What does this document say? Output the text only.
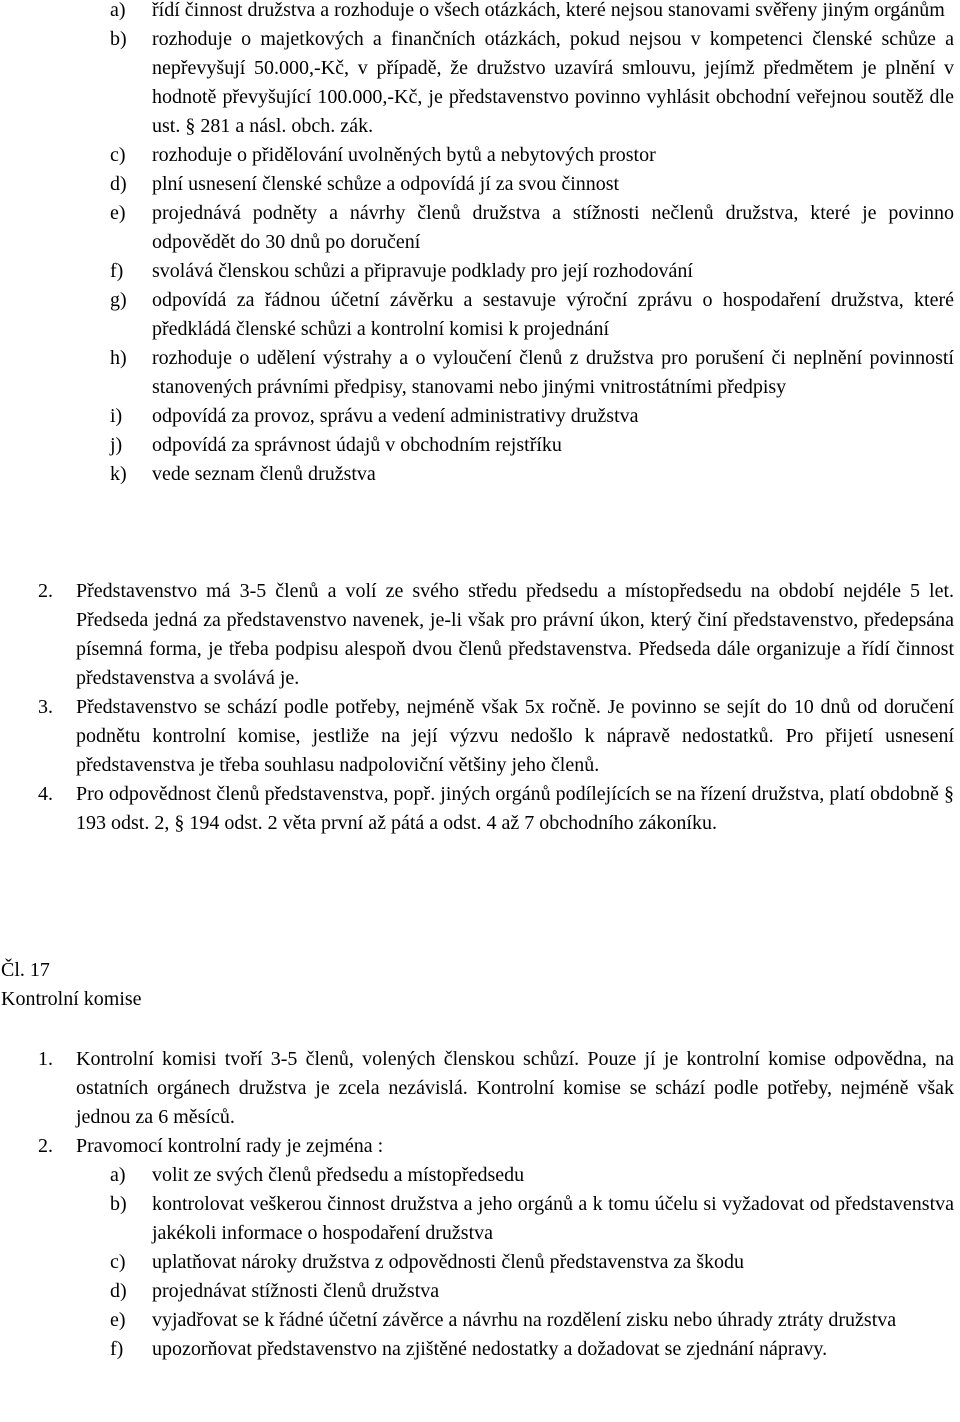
a)	řídí činnost družstva a rozhoduje o všech otázkách, které nejsou stanovami svěřeny jiným orgánům
b)	rozhoduje o majetkových a finančních otázkách, pokud nejsou v kompetenci členské schůze a nepřevyšují 50.000,-Kč, v případě, že družstvo uzavírá smlouvu, jejímž předmětem je plnění v hodnotě převyšující 100.000,-Kč, je představenstvo povinno vyhlásit obchodní veřejnou soutěž dle ust. § 281 a násl. obch. zák.
c)	rozhoduje o přidělování uvolněných bytů a nebytových prostor
d)	plní usnesení členské schůze a odpovídá jí za svou činnost
e)	projednává podněty a návrhy členů družstva a stížnosti nečlenů družstva, které je povinno odpovědět do 30 dnů po doručení
f)	svolává členskou schůzi a připravuje podklady pro její rozhodování
g)	odpovídá za řádnou účetní závěrku a sestavuje výroční zprávu o hospodaření družstva, které předkládá členské schůzi a kontrolní komisi k projednání
h)	rozhoduje o udělení výstrahy a o vyloučení členů z družstva pro porušení či neplnění povinností stanovených právními předpisy, stanovami nebo jinými vnitrostátními předpisy
i)	odpovídá za provoz, správu a vedení administrativy družstva
j)	odpovídá za správnost údajů v obchodním rejstříku
k)	vede seznam členů družstva
2.	Představenstvo má 3-5 členů a volí ze svého středu předsedu a místopředsedu na období nejdéle 5 let. Předseda jedná za představenstvo navenek, je-li však pro právní úkon, který činí představenstvo, předepsána písemná forma, je třeba podpisu alespoň dvou členů představenstva. Předseda dále organizuje a řídí činnost představenstva a svolává je.
3.	Představenstvo se schází podle potřeby, nejméně však 5x ročně. Je povinno se sejít do 10 dnů od doručení podnětu kontrolní komise, jestliže na její výzvu nedošlo k nápravě nedostatků. Pro přijetí usnesení představenstva je třeba souhlasu nadpoloviční většiny jeho členů.
4.	Pro odpovědnost členů představenstva, popř. jiných orgánů podílejících se na řízení družstva, platí obdobně § 193 odst. 2, § 194 odst. 2 věta první až pátá a odst. 4 až 7 obchodního zákoníku.

Čl. 17

Kontrolní komise

1.	Kontrolní komisi tvoří 3-5 členů, volených členskou schůzí. Pouze jí je kontrolní komise odpovědna, na ostatních orgánech družstva je zcela nezávislá. Kontrolní komise se schází podle potřeby, nejméně však jednou za 6 měsíců.
2.	Pravomocí kontrolní rady je zejména :
a)	volit ze svých členů předsedu a místopředsedu
b)	kontrolovat veškerou činnost družstva a jeho orgánů a k tomu účelu si vyžadovat od představenstva jakékoli informace o hospodaření družstva
c)	uplatňovat nároky družstva z odpovědnosti členů představenstva za škodu
d)	projednávat stížnosti členů družstva
e)	vyjadřovat se k řádné účetní závěrce a návrhu na rozdělení zisku nebo úhrady ztráty družstva
f)	upozorňovat představenstvo na zjištěné nedostatky a dožadovat se zjednání nápravy.
